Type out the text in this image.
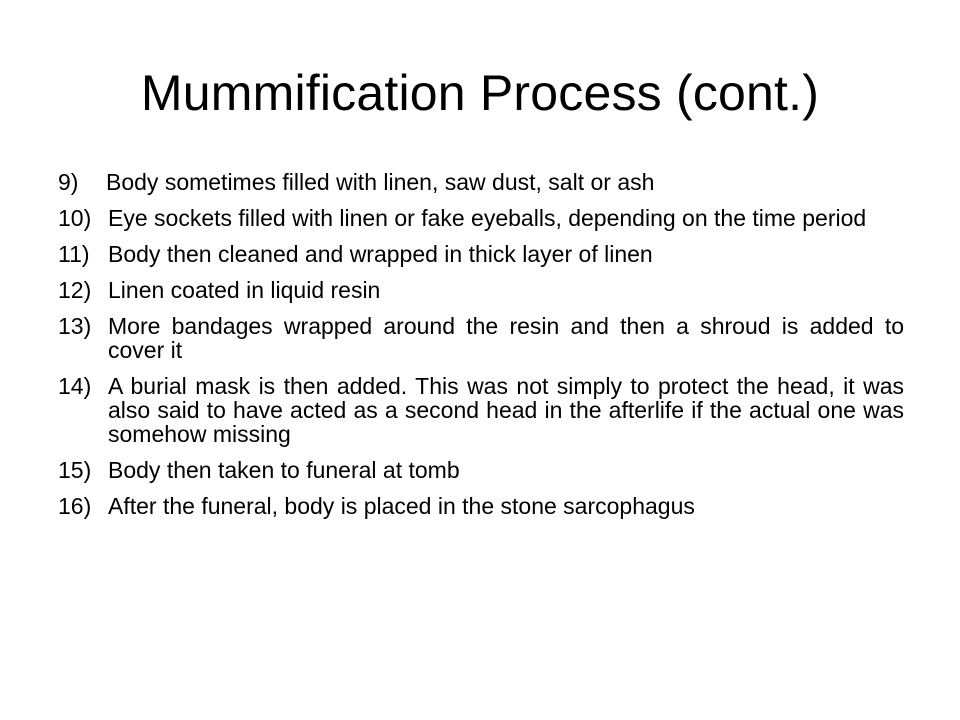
Mummification Process (cont.)
9)	Body sometimes filled with linen, saw dust, salt or ash
10) Eye sockets filled with linen or fake eyeballs, depending on the time period
11) Body then cleaned and wrapped in thick layer of linen
12) Linen coated in liquid resin
13) More bandages wrapped around the resin and then a shroud is added to cover it
14) A burial mask is then added. This was not simply to protect the head, it was also said to have acted as a second head in the afterlife if the actual one was somehow missing
15) Body then taken to funeral at tomb
16) After the funeral, body is placed in the stone sarcophagus
